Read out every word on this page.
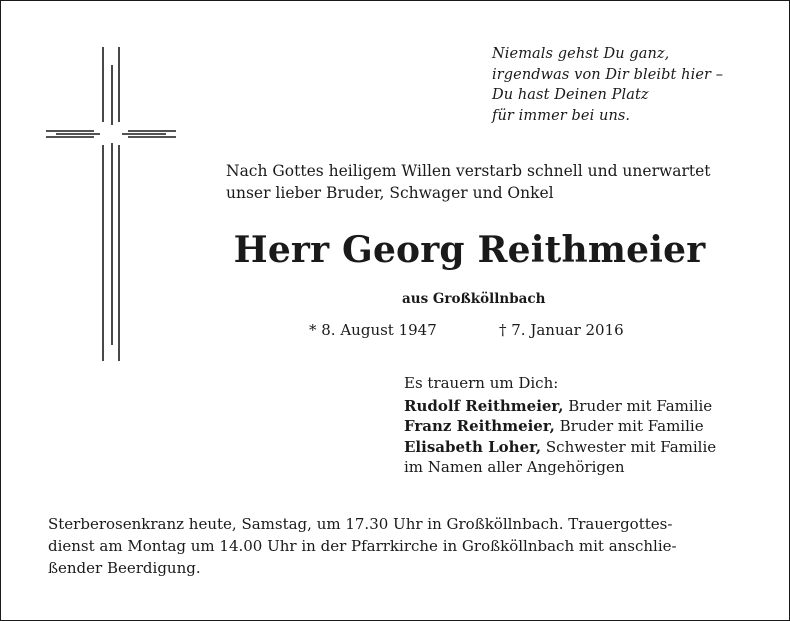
Niemals gehst Du ganz,
irgendwas von Dir bleibt hier –
Du hast Deinen Platz
für immer bei uns.
Nach Gottes heiligem Willen verstarb schnell und unerwartet
unser lieber Bruder, Schwager und Onkel
Herr Georg Reithmeier
aus Großköllnbach
* 8. August 1947	† 7. Januar 2016
Es trauern um Dich:
Rudolf Reithmeier, Bruder mit Familie
Franz Reithmeier, Bruder mit Familie
Elisabeth Loher, Schwester mit Familie
im Namen aller Angehörigen
Sterberosenkranz heute, Samstag, um 17.30 Uhr in Großköllnbach. Trauergottes-
dienst am Montag um 14.00 Uhr in der Pfarrkirche in Großköllnbach mit anschlie-
ßender Beerdigung.
